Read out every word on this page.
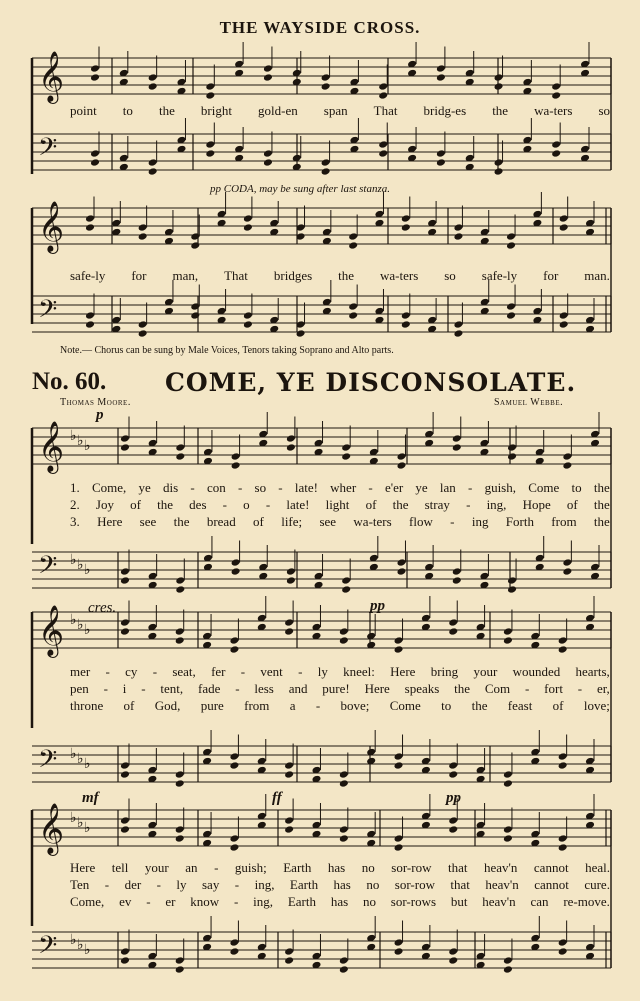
𝄞
𝄢
𝄞
𝄢
𝄞
𝄢
𝄞
𝄢
𝄞
𝄢
♭ ♭ ♭
♭ ♭ ♭
♭ ♭ ♭
♭ ♭ ♭
♭ ♭ ♭
♭ ♭ ♭
THE WAYSIDE CROSS.
point to the bright gold-en span That bridg-es the wa-ters so
pp CODA, may be sung after last stanza.
safe-ly for man, That bridges the wa-ters so safe-ly for man.
Note.— Chorus can be sung by Male Voices, Tenors taking Soprano and Alto parts.
No. 60. COME, YE DISCONSOLATE.
Thomas Moore.	Samuel Webbe.
p
1. Come, ye dis - con - so - late! wher - e'er ye lan - guish, Come to the
2. Joy of the des - o - late! light of the stray - ing, Hope of the
3. Here see the bread of life; see wa-ters flow - ing Forth from the
cres.	pp
mer - cy - seat, fer - vent - ly kneel: Here bring your wounded hearts,
pen - i - tent, fade - less and pure! Here speaks the Com - fort - er,
throne of God, pure from a - bove; Come to the feast of love;
mf	ff	pp
Here tell your an - guish; Earth has no sor-row that heav'n cannot heal.
Ten - der - ly say - ing, Earth has no sor-row that heav'n cannot cure.
Come, ev - er know - ing, Earth has no sor-rows but heav'n can re-move.
